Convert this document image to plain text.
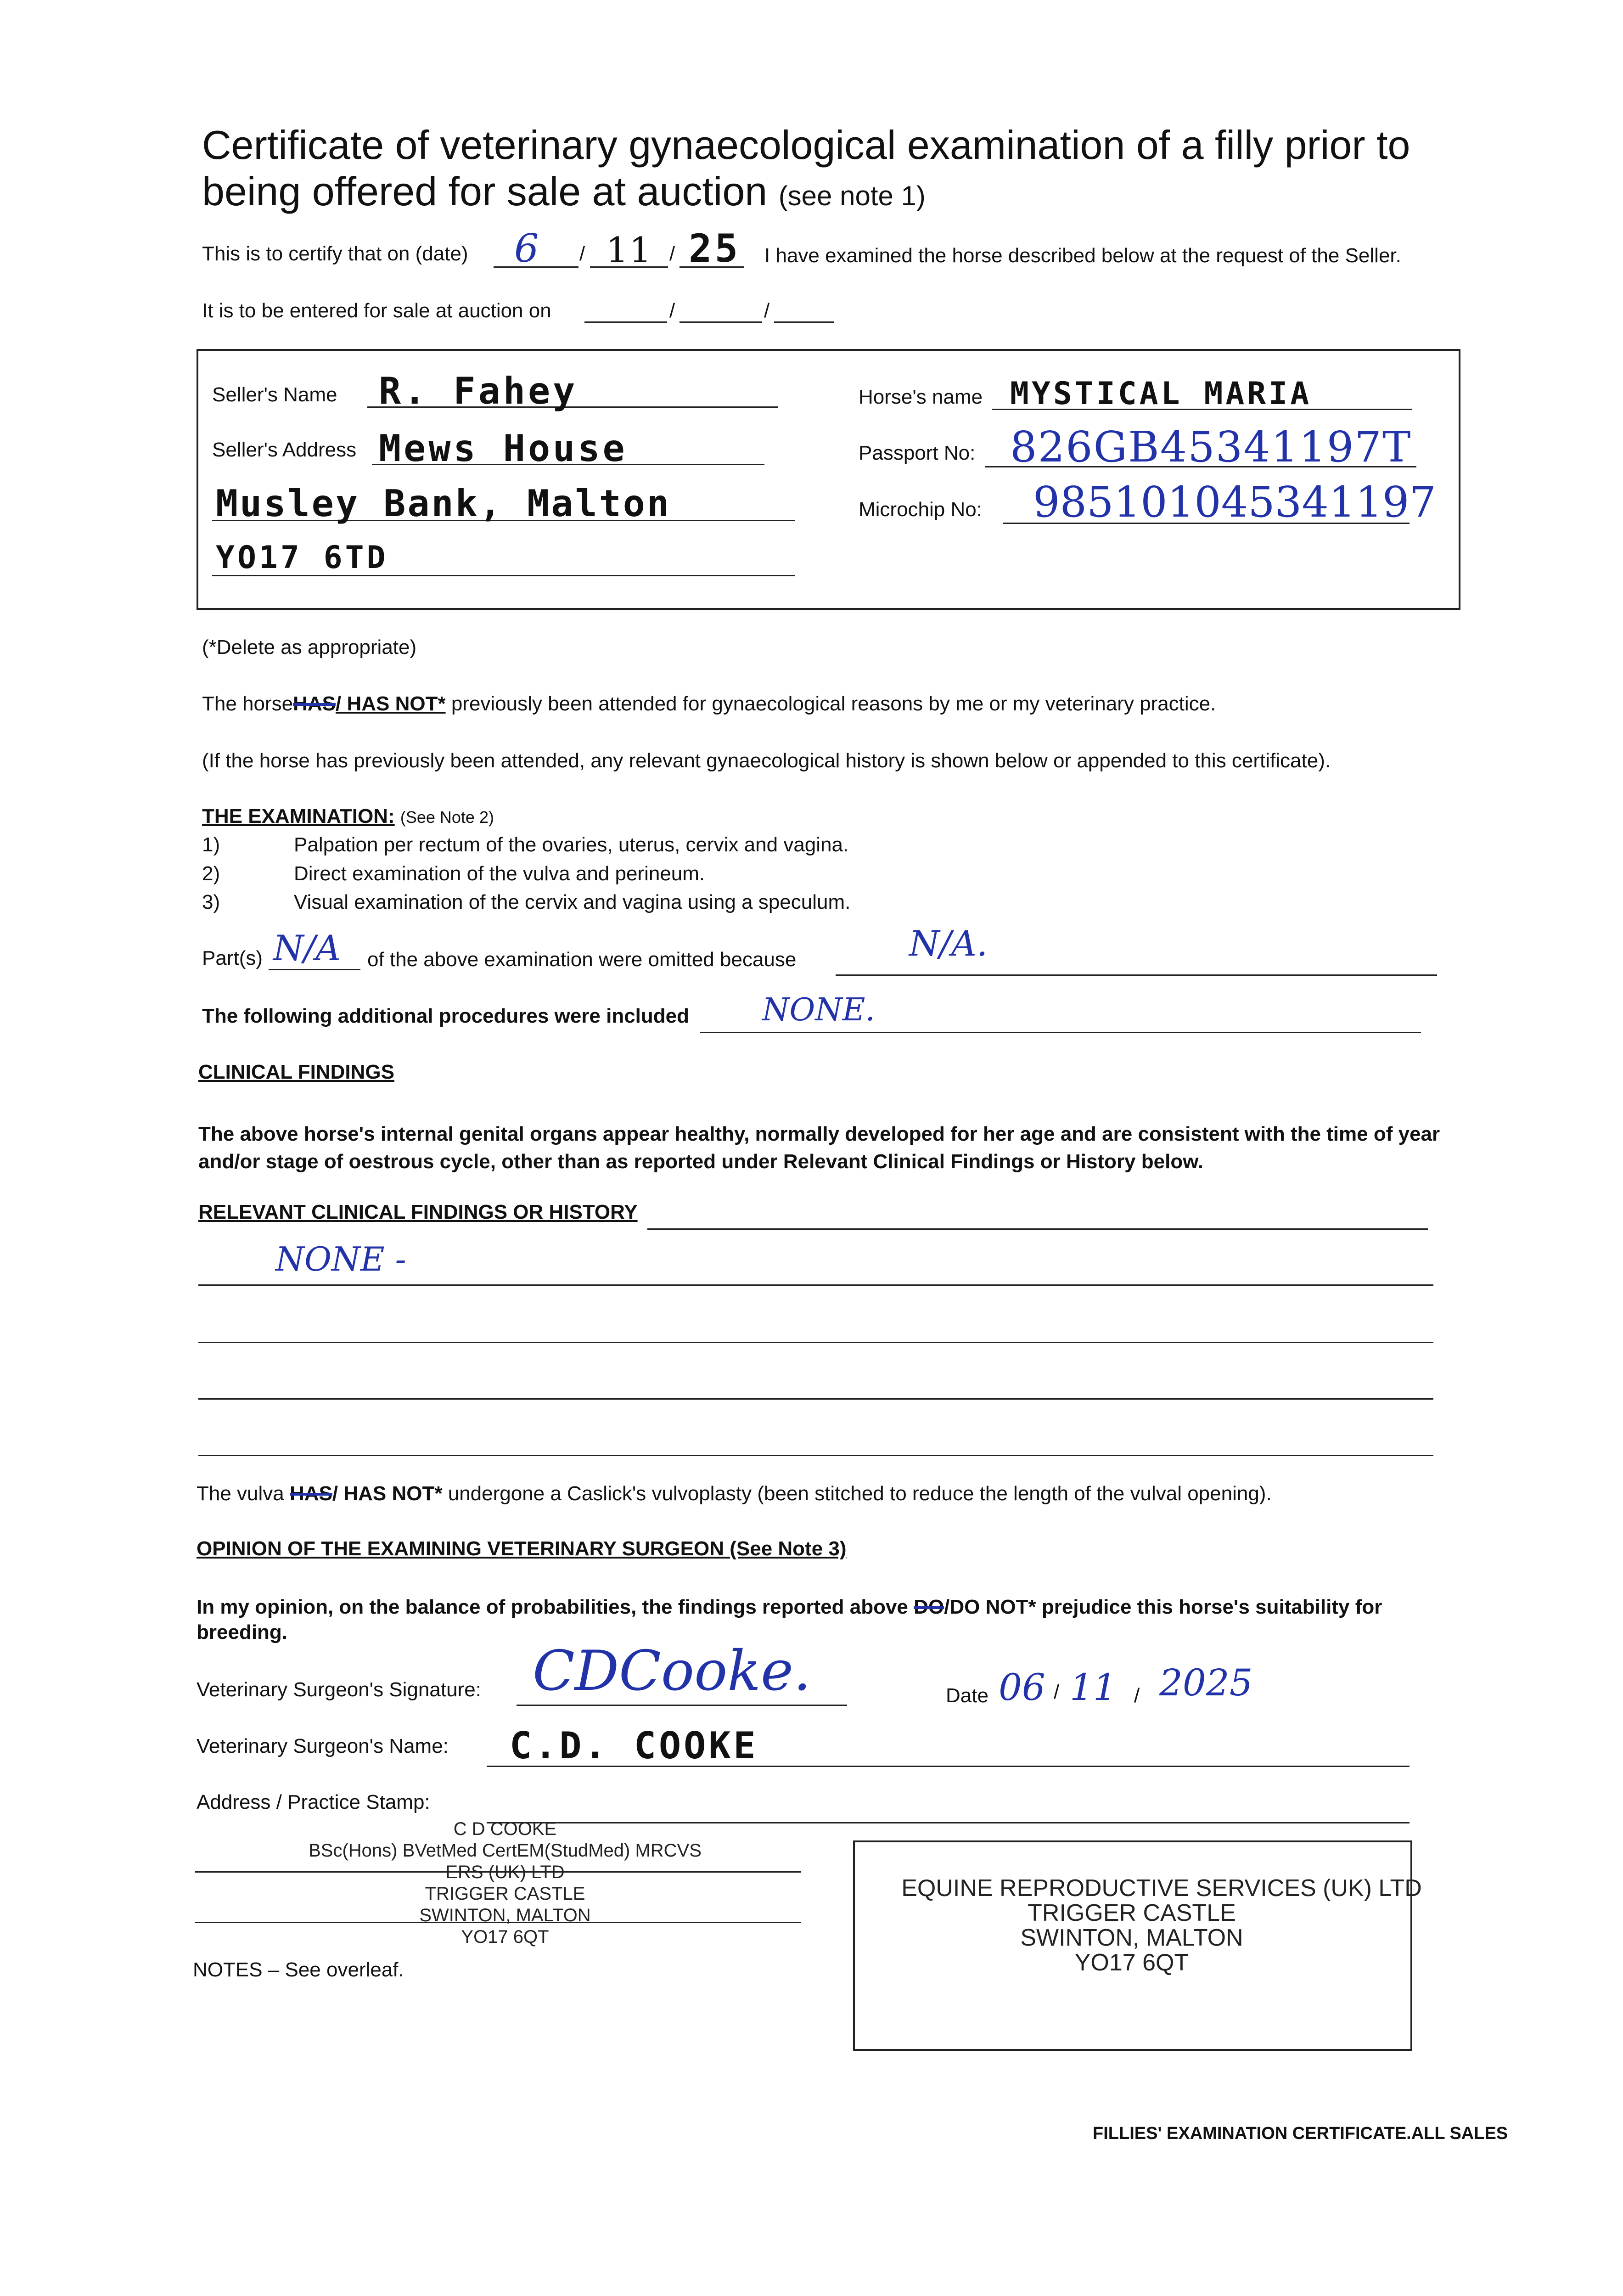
Certificate of veterinary gynaecological examination of a filly prior to
being offered for sale at auction (see note 1)
This is to certify that on (date) 6 / 11 / 25 I have examined the horse described below at the request of the Seller.
It is to be entered for sale at auction on	/	/
Seller's Name R. Fahey
Seller's Address Mews House
Musley Bank, Malton
YO17 6TD
Horse's name MYSTICAL MARIA
Passport No: 826GB45341197T
Microchip No: 985101045341197
(*Delete as appropriate)
The horseHAS/ HAS NOT* previously been attended for gynaecological reasons by me or my veterinary practice.
(If the horse has previously been attended, any relevant gynaecological history is shown below or appended to this certificate).
THE EXAMINATION: (See Note 2)
1)	Palpation per rectum of the ovaries, uterus, cervix and vagina.
2)	Direct examination of the vulva and perineum.
3)	Visual examination of the cervix and vagina using a speculum.
Part(s) N/A of the above examination were omitted because	N/A.
The following additional procedures were included NONE.
CLINICAL FINDINGS
The above horse's internal genital organs appear healthy, normally developed for her age and are consistent with the time of year
and/or stage of oestrous cycle, other than as reported under Relevant Clinical Findings or History below.
RELEVANT CLINICAL FINDINGS OR HISTORY
NONE -
The vulva HAS/ HAS NOT* undergone a Caslick's vulvoplasty (been stitched to reduce the length of the vulval opening).
OPINION OF THE EXAMINING VETERINARY SURGEON (See Note 3)
In my opinion, on the balance of probabilities, the findings reported above DO/DO NOT* prejudice this horse's suitability for
breeding.
Veterinary Surgeon's Signature: CDCooke.	Date 06 / 11 / 2025
Veterinary Surgeon's Name: C.D. COOKE
Address / Practice Stamp:
C D COOKE
BSc(Hons) BVetMed CertEM(StudMed) MRCVS
ERS (UK) LTD
TRIGGER CASTLE
SWINTON, MALTON
YO17 6QT
EQUINE REPRODUCTIVE SERVICES (UK) LTD
TRIGGER CASTLE
SWINTON, MALTON
YO17 6QT
NOTES – See overleaf.
FILLIES' EXAMINATION CERTIFICATE.ALL SALES
